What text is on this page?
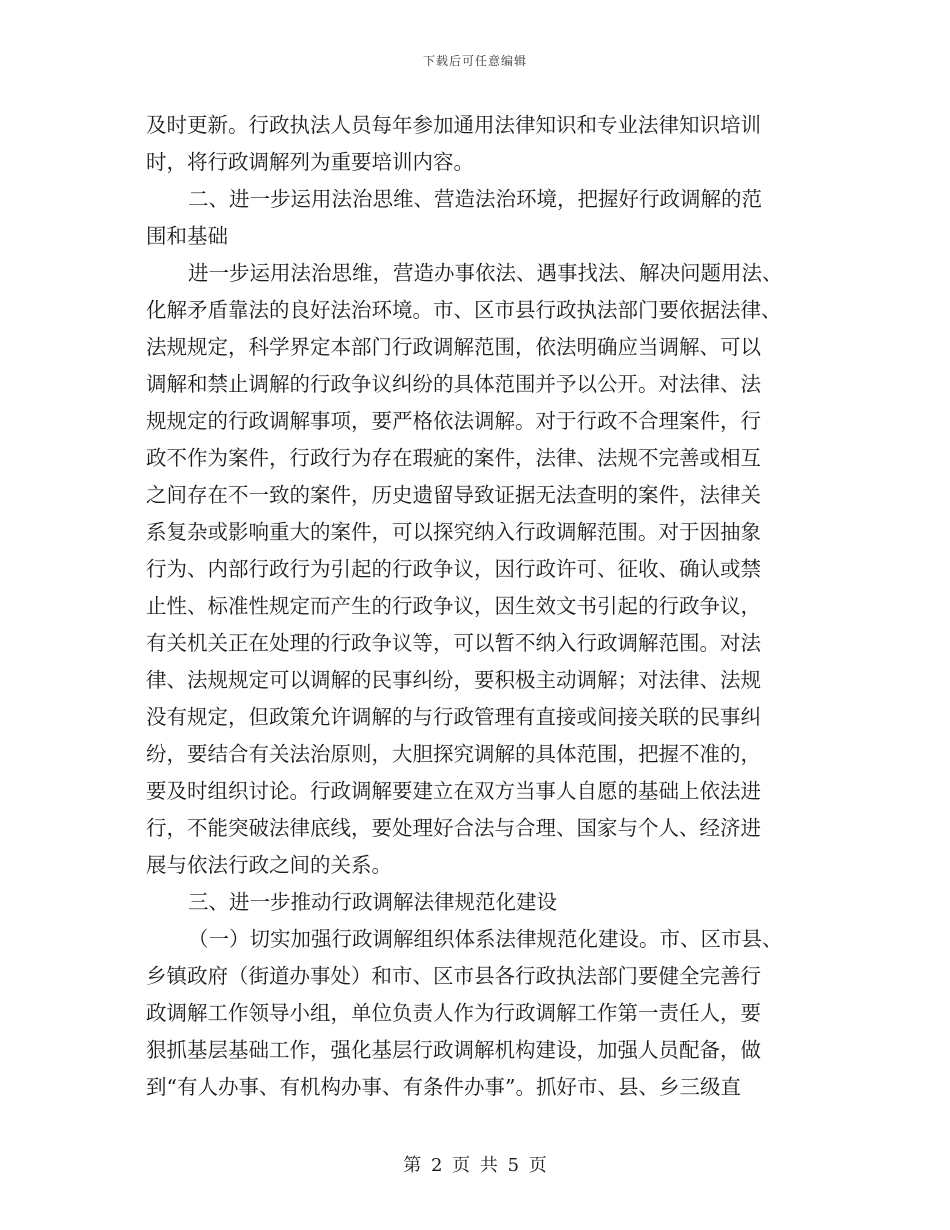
下载后可任意编辑
及时更新。行政执法人员每年参加通用法律知识和专业法律知识培训
时，将行政调解列为重要培训内容。
二、进一步运用法治思维、营造法治环境，把握好行政调解的范
围和基础
进一步运用法治思维，营造办事依法、遇事找法、解决问题用法、
化解矛盾靠法的良好法治环境。市、区市县行政执法部门要依据法律、
法规规定，科学界定本部门行政调解范围，依法明确应当调解、可以
调解和禁止调解的行政争议纠纷的具体范围并予以公开。对法律、法
规规定的行政调解事项，要严格依法调解。对于行政不合理案件，行
政不作为案件，行政行为存在瑕疵的案件，法律、法规不完善或相互
之间存在不一致的案件，历史遗留导致证据无法查明的案件，法律关
系复杂或影响重大的案件，可以探究纳入行政调解范围。对于因抽象
行为、内部行政行为引起的行政争议，因行政许可、征收、确认或禁
止性、标准性规定而产生的行政争议，因生效文书引起的行政争议，
有关机关正在处理的行政争议等，可以暂不纳入行政调解范围。对法
律、法规规定可以调解的民事纠纷，要积极主动调解；对法律、法规
没有规定，但政策允许调解的与行政管理有直接或间接关联的民事纠
纷，要结合有关法治原则，大胆探究调解的具体范围，把握不准的，
要及时组织讨论。行政调解要建立在双方当事人自愿的基础上依法进
行，不能突破法律底线，要处理好合法与合理、国家与个人、经济进
展与依法行政之间的关系。
三、进一步推动行政调解法律规范化建设
（一）切实加强行政调解组织体系法律规范化建设。市、区市县、
乡镇政府（街道办事处）和市、区市县各行政执法部门要健全完善行
政调解工作领导小组，单位负责人作为行政调解工作第一责任人，要
狠抓基层基础工作，强化基层行政调解机构建设，加强人员配备，做
到“有人办事、有机构办事、有条件办事”。抓好市、县、乡三级直
第 2 页 共 5 页
